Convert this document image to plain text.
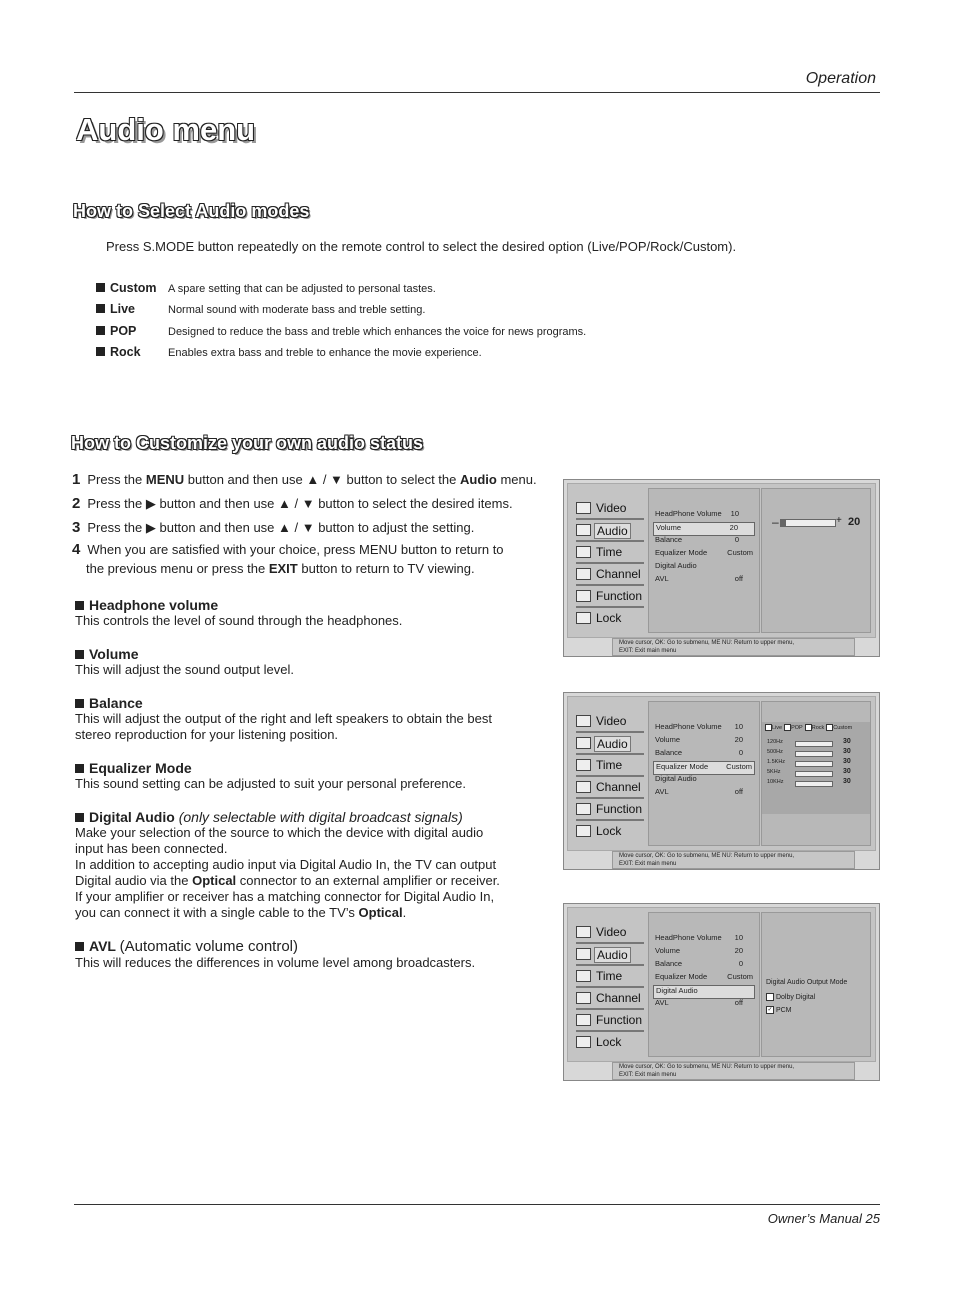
Operation
Audio menu
How to Select Audio modes
Press S.MODE button repeatedly on the remote control to select the desired option (Live/POP/Rock/Custom).
Custom A spare setting that can be adjusted to personal tastes.
Live	Normal sound with moderate bass and treble setting.
POP	Designed to reduce the bass and treble which enhances the voice for news programs.
Rock Enables extra bass and treble to enhance the movie experience.
How to Customize your own audio status
1 Press the MENU button and then use ▲ / ▼ button to select the Audio menu.
2 Press the ▶ button and then use ▲ / ▼ button to select the desired items.
3 Press the ▶ button and then use ▲ / ▼ button to adjust the setting.
4 When you are satisfied with your choice, press MENU button to return to
the previous menu or press the EXIT button to return to TV viewing.
Headphone volume
This controls the level of sound through the headphones.
Volume
This will adjust the sound output level.
Balance
This will adjust the output of the right and left speakers to obtain the best
stereo reproduction for your listening position.
Equalizer Mode
This sound setting can be adjusted to suit your personal preference.
Digital Audio (only selectable with digital broadcast signals)
Make your selection of the source to which the device with digital audio
input has been connected.
In addition to accepting audio input via Digital Audio In, the TV can output
Digital audio via the Optical connector to an external amplifier or receiver.
If your amplifier or receiver has a matching connector for Digital Audio In,
you can connect it with a single cable to the TV’s Optical.
AVL (Automatic volume control)
This will reduces the differences in volume level among broadcasters.
Video
Audio
Time
Channel
Function
Lock
HeadPhone Volume 10
Volume	20
Balance	0
Equalizer Mode	Custom
Digital Audio
AVL	off
–	+ 20
Move cursor, OK: Go to submenu, ME NU: Return to upper menu,
EXIT: Exit main menu
Video
Audio
Time
Channel
Function
Lock
HeadPhone Volume 10
Volume	20
Balance	0
Equalizer Mode Custom
Digital Audio
AVL	off
Live POP Rock Custom
120Hz	30
500Hz	30
1.5KHz	30
5KHz	30
10KHz	30
Move cursor, OK: Go to submenu, ME NU: Return to upper menu,
EXIT: Exit main menu
Video
Audio
Time
Channel
Function
Lock
HeadPhone Volume 10
Volume	20
Balance	0
Equalizer Mode	Custom
Digital Audio
AVL	off
Digital Audio Output Mode
Dolby Digital
✓ PCM
Move cursor, OK: Go to submenu, ME NU: Return to upper menu,
EXIT: Exit main menu
Owner’s Manual 25
